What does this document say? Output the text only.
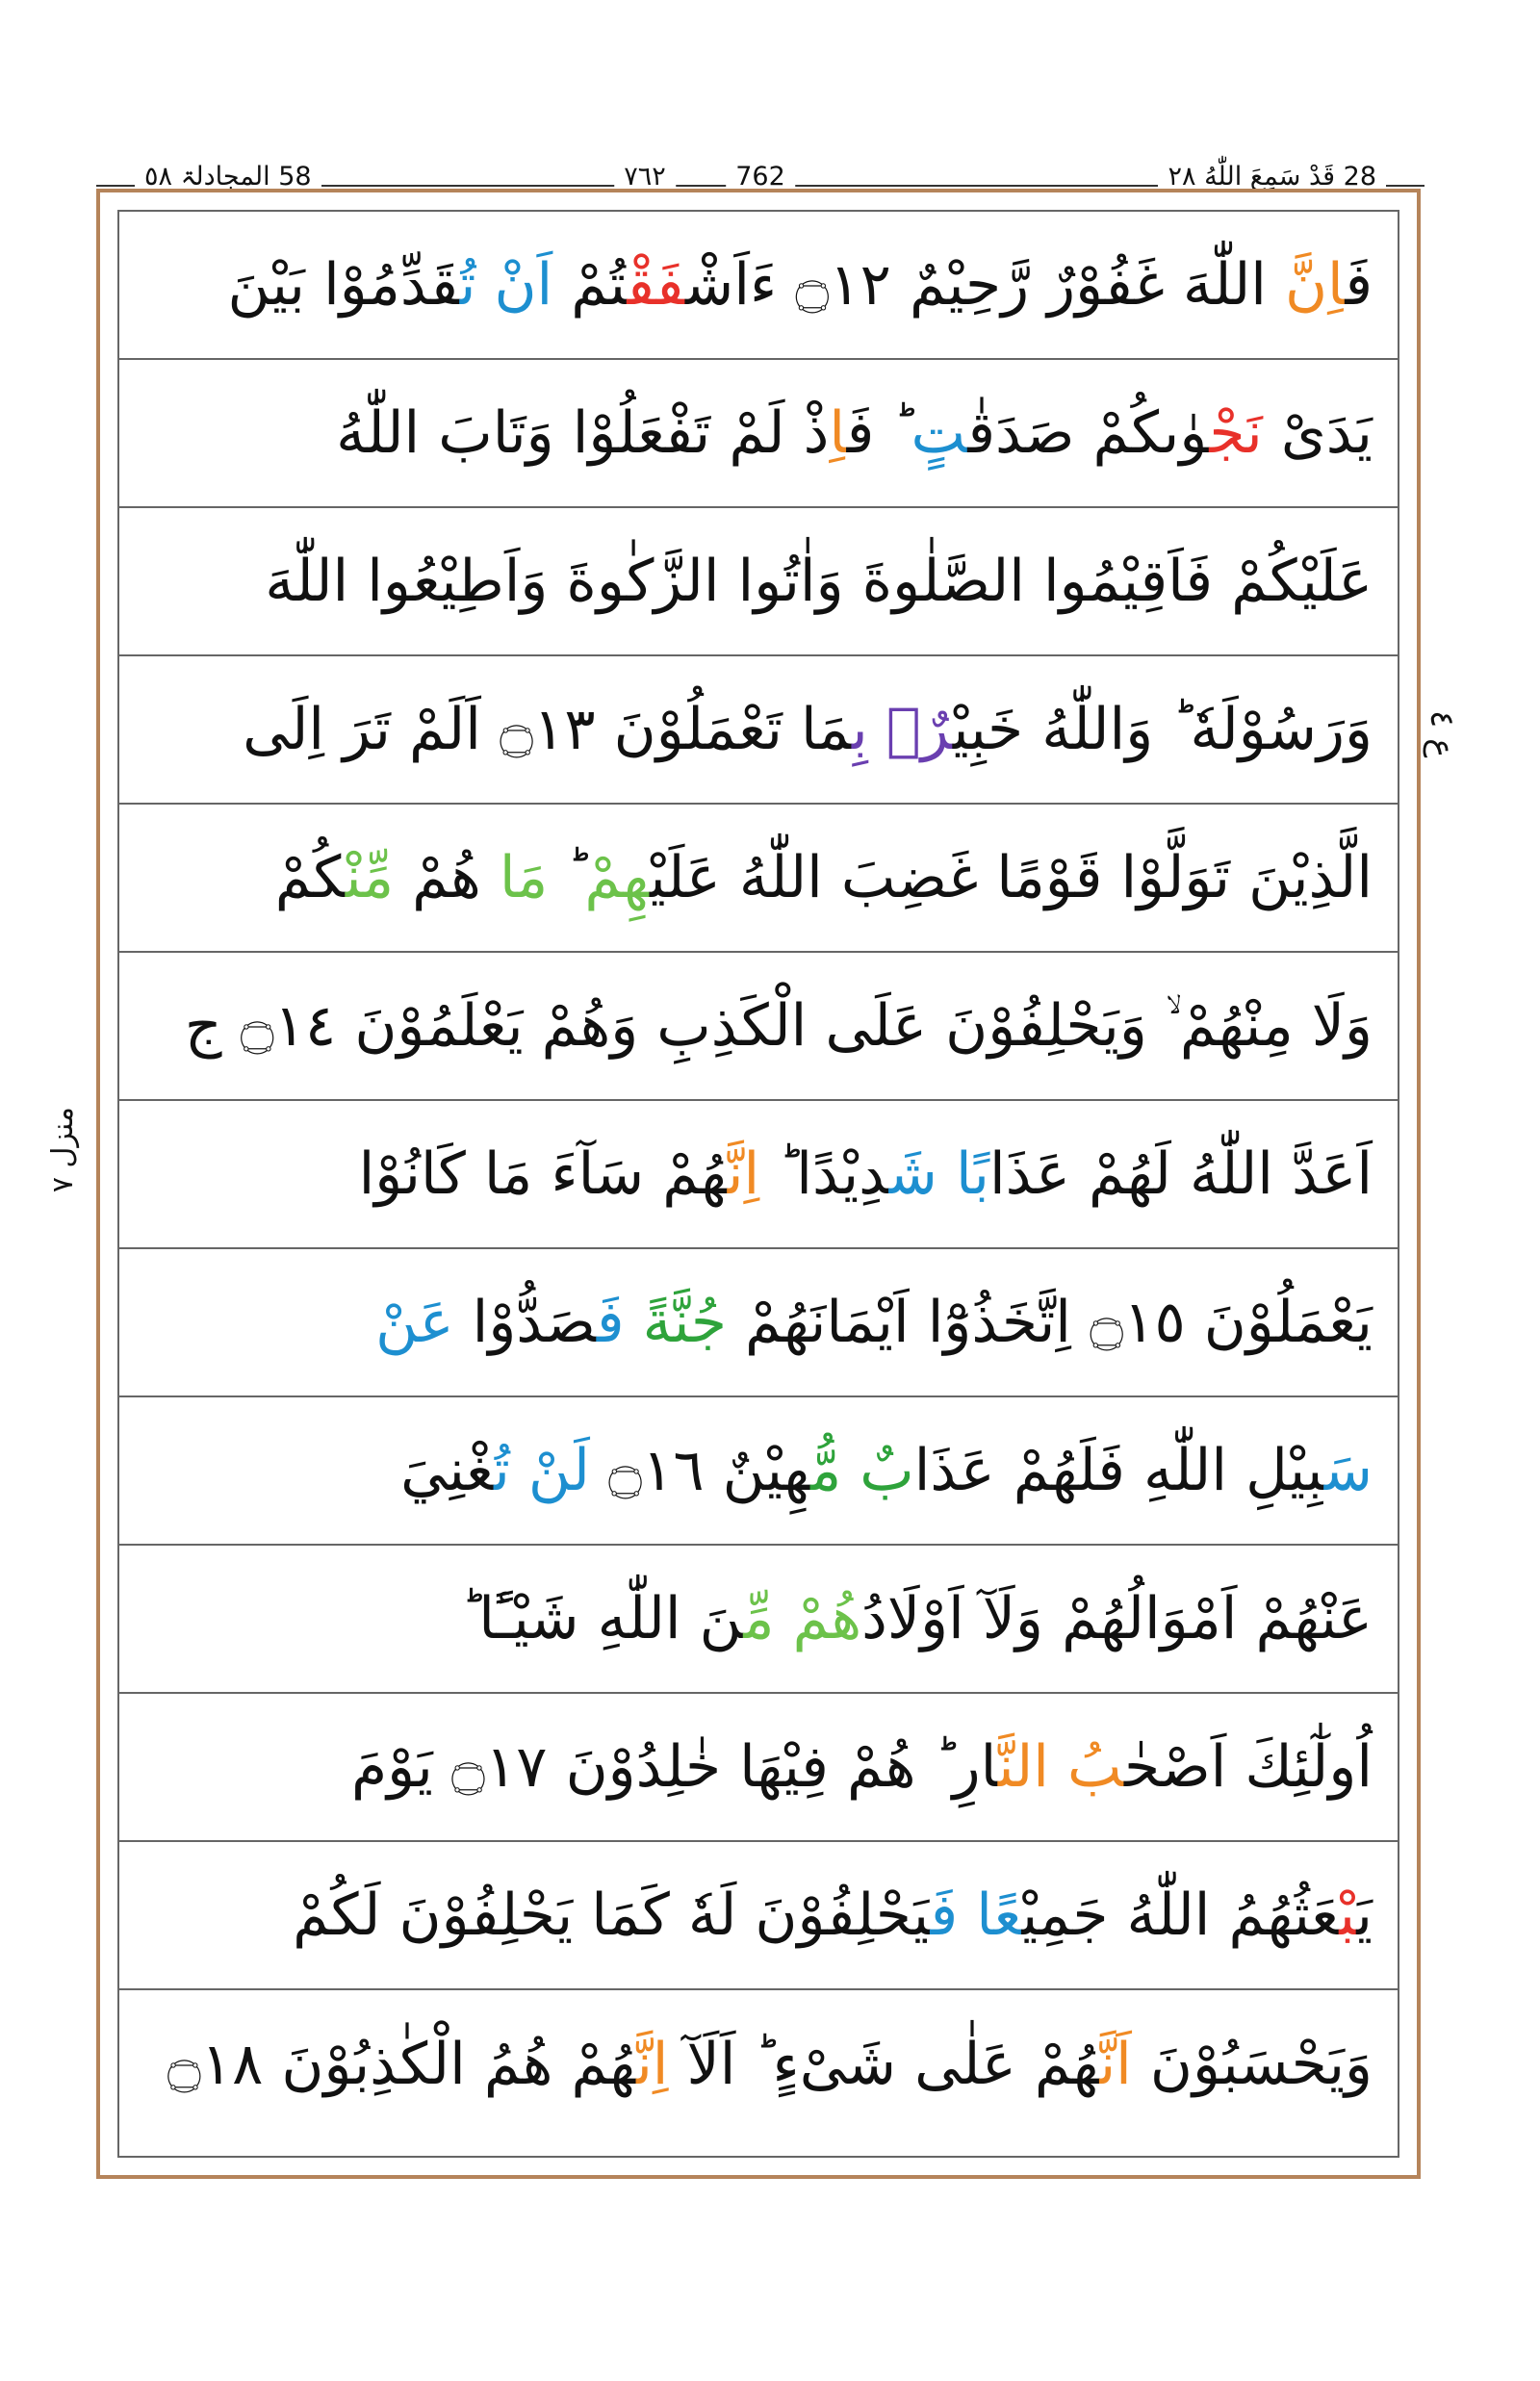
28 قَدْ سَمِعَ اللّٰهُ ٢٨
762
٧٦٢
58 المجادلۃ ٥٨
فَاِنَّ اللّٰهَ غَفُوْرٌ رَّحِيْمٌ ۝١٢ ءَاَشْفَقْتُمْ اَنْ تُقَدِّمُوْا بَيْنَ
يَدَىْ نَجْوٰىكُمْ صَدَقٰتٍ ؕ فَاِذْ لَمْ تَفْعَلُوْا وَتَابَ اللّٰهُ
عَلَيْكُمْ فَاَقِيْمُوا الصَّلٰوةَ وَاٰتُوا الزَّكٰوةَ وَاَطِيْعُوا اللّٰهَ
وَرَسُوْلَهٗ ؕ وَاللّٰهُ خَبِيْرٌۢ بِمَا تَعْمَلُوْنَ ۝١٣ اَلَمْ تَرَ اِلَى
الَّذِيْنَ تَوَلَّوْا قَوْمًا غَضِبَ اللّٰهُ عَلَيْهِمْ ؕ مَا هُمْ مِّنْكُمْ
وَلَا مِنْهُمْ ۙ وَيَحْلِفُوْنَ عَلَى الْكَذِبِ وَهُمْ يَعْلَمُوْنَ ۝١٤ ج
اَعَدَّ اللّٰهُ لَهُمْ عَذَابًا شَدِيْدًا ؕ اِنَّهُمْ سَآءَ مَا كَانُوْا
يَعْمَلُوْنَ ۝١٥ اِتَّخَذُوْٓا اَيْمَانَهُمْ جُنَّةً فَصَدُّوْا عَنْ
سَبِيْلِ اللّٰهِ فَلَهُمْ عَذَابٌ مُّهِيْنٌ ۝١٦ لَنْ تُغْنِيَ
عَنْهُمْ اَمْوَالُهُمْ وَلَآ اَوْلَادُهُمْ مِّنَ اللّٰهِ شَيْـًٔا ؕ
اُولٰٓئِكَ اَصْحٰبُ النَّارِ ؕ هُمْ فِيْهَا خٰلِدُوْنَ ۝١٧ يَوْمَ
يَبْعَثُهُمُ اللّٰهُ جَمِيْعًا فَيَحْلِفُوْنَ لَهٗ كَمَا يَحْلِفُوْنَ لَكُمْ
وَيَحْسَبُوْنَ اَنَّهُمْ عَلٰى شَىْءٍ ؕ اَلَآ اِنَّهُمْ هُمُ الْكٰذِبُوْنَ ۝١٨
ع ٤
منزل ٧
